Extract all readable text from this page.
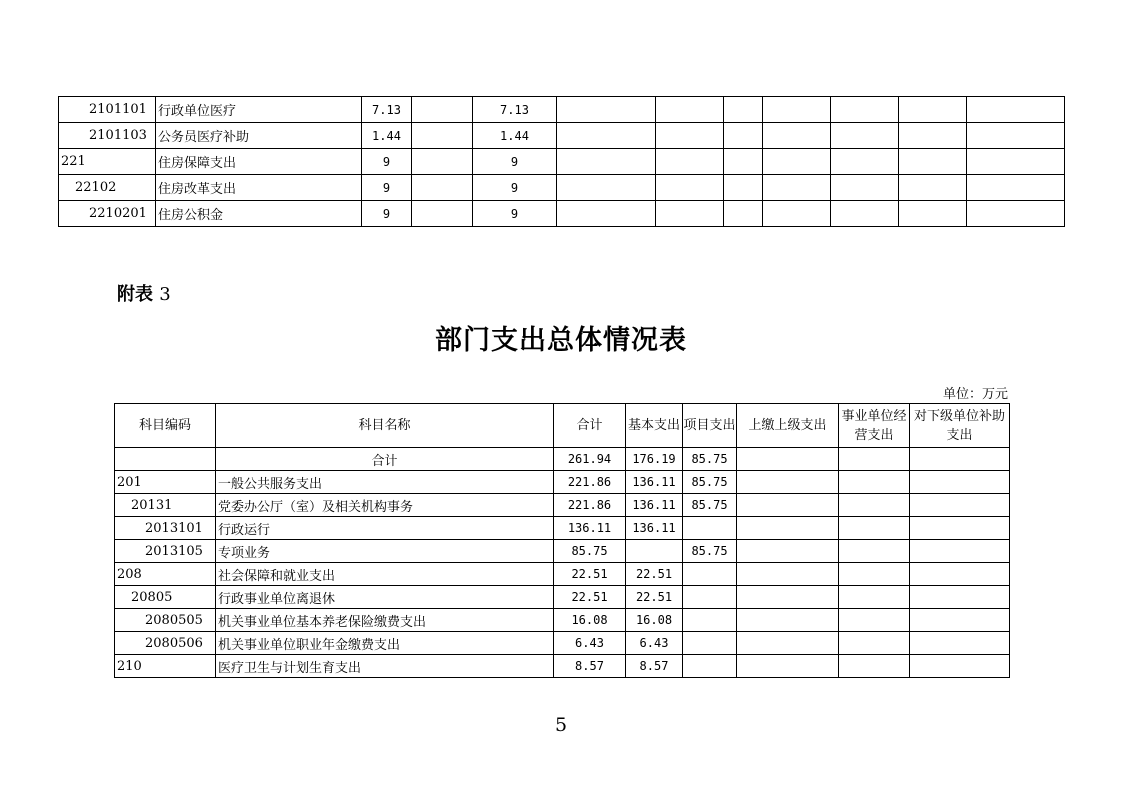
2101101	行政单位医疗	7.13		7.13							
2101103	公务员医疗补助	1.44		1.44							
221	住房保障支出	9		9							
22102	住房改革支出	9		9							
2210201	住房公积金	9		9							
附表 3
部门支出总体情况表
单位：万元
科目编码	科目名称	合计	基本支出	项目支出	上缴上级支出	事业单位经营支出	对下级单位补助支出
	合计	261.94	176.19	85.75			
201	一般公共服务支出	221.86	136.11	85.75			
20131	党委办公厅（室）及相关机构事务	221.86	136.11	85.75			
2013101	行政运行	136.11	136.11				
2013105	专项业务	85.75		85.75			
208	社会保障和就业支出	22.51	22.51				
20805	行政事业单位离退休	22.51	22.51				
2080505	机关事业单位基本养老保险缴费支出	16.08	16.08				
2080506	机关事业单位职业年金缴费支出	6.43	6.43				
210	医疗卫生与计划生育支出	8.57	8.57				
5
